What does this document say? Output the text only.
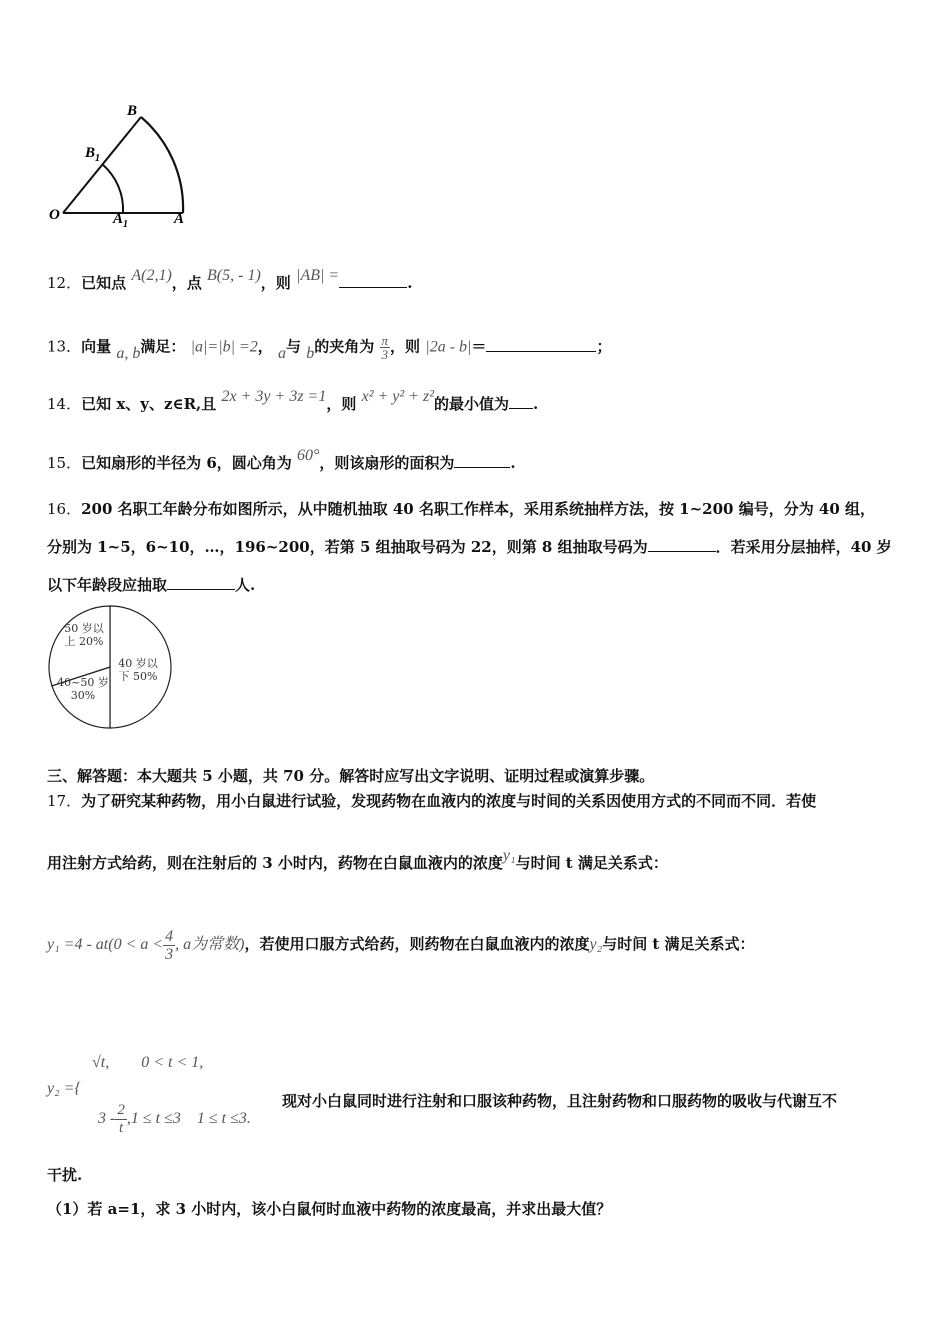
B
$B_1$
O	$A_1$	A
12．已知点 A(2,1)，点 B(5, - 1)，则 |AB| =	.
13．向量 a, b满足： |a|=|b| =2， a与 b的夹角为 $\frac{\pi}{3}$ ，则 |2a - b|＝	；
14．已知 x、y、z∈R,且 2x + 3y + 3z =1，则 x² + y² + z²的最小值为 .
15．已知扇形的半径为 6，圆心角为 60°，则该扇形的面积为	.
16．200 名职工年龄分布如图所示，从中随机抽取 40 名职工作样本，采用系统抽样方法，按 1~200 编号，分为 40 组，
分别为 1~5，6~10，…，196~200，若第 5 组抽取号码为 22，则第 8 组抽取号码为	．若采用分层抽样，40 岁
以下年龄段应抽取	人.
40 岁以
下 50%
50 岁以
上 20%
40~50 岁
30%
三、解答题：本大题共 5 小题，共 70 分。解答时应写出文字说明、证明过程或演算步骤。
17．为了研究某种药物，用小白鼠进行试验，发现药物在血液内的浓度与时间的关系因使用方式的不同而不同．若使
用注射方式给药，则在注射后的 3 小时内，药物在白鼠血液内的浓度y₁与时间 t 满足关系式：
$y_1 =4 - at(0 < a < \frac{4}{3}$ , a为常数)，若使用口服方式给药，则药物在白鼠血液内的浓度y₂与时间 t 满足关系式：
y₂ ={
√t,        0 < t < 1,

$3 - \frac{2}{t} ,1 \le t \le 3$    1 ≤ t ≤3.

现对小白鼠同时进行注射和口服该种药物，且注射药物和口服药物的吸收与代谢互不
干扰.
（1）若 a=1，求 3 小时内，该小白鼠何时血液中药物的浓度最高，并求出最大值？
